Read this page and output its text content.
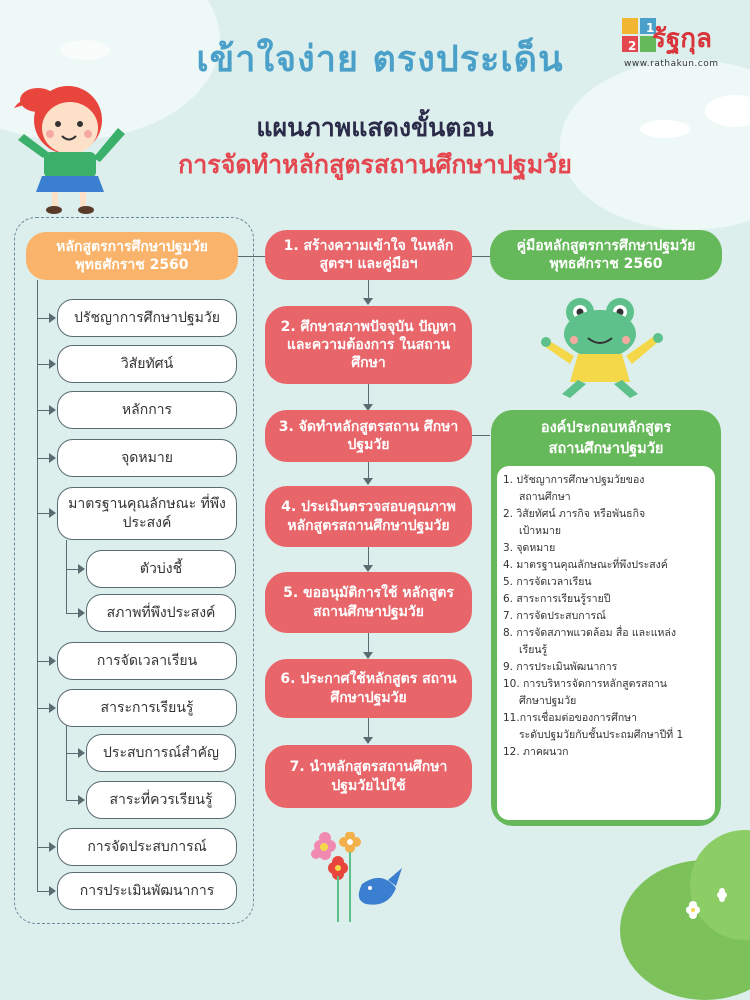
1
2 รัฐกุล
www.rathakun.com
เข้าใจง่าย ตรงประเด็น
แผนภาพแสดงขั้นตอน
การจัดทำหลักสูตรสถานศึกษาปฐมวัย
หลักสูตรการศึกษาปฐมวัย พุทธศักราช 2560
ปรัชญาการศึกษาปฐมวัย
วิสัยทัศน์
หลักการ
จุดหมาย
มาตรฐานคุณลักษณะ ที่พึงประสงค์
ตัวบ่งชี้
สภาพที่พึงประสงค์
การจัดเวลาเรียน
สาระการเรียนรู้
ประสบการณ์สำคัญ
สาระที่ควรเรียนรู้
การจัดประสบการณ์
การประเมินพัฒนาการ
1. สร้างความเข้าใจ ในหลักสูตรฯ และคู่มือฯ
2. ศึกษาสภาพปัจจุบัน ปัญหา และความต้องการ ในสถานศึกษา
3. จัดทำหลักสูตรสถาน ศึกษาปฐมวัย
4. ประเมินตรวจสอบคุณภาพ หลักสูตรสถานศึกษาปฐมวัย
5. ขออนุมัติการใช้ หลักสูตรสถานศึกษาปฐมวัย
6. ประกาศใช้หลักสูตร สถานศึกษาปฐมวัย
7. นำหลักสูตรสถานศึกษา ปฐมวัยไปใช้
คู่มือหลักสูตรการศึกษาปฐมวัย พุทธศักราช 2560
องค์ประกอบหลักสูตร
สถานศึกษาปฐมวัย
1. ปรัชญาการศึกษาปฐมวัยของ
สถานศึกษา
2. วิสัยทัศน์ ภารกิจ หรือพันธกิจ
เป้าหมาย
3. จุดหมาย
4. มาตรฐานคุณลักษณะที่พึงประสงค์
5. การจัดเวลาเรียน
6. สาระการเรียนรู้รายปี
7. การจัดประสบการณ์
8. การจัดสภาพแวดล้อม สื่อ และแหล่ง
เรียนรู้
9. การประเมินพัฒนาการ
10. การบริหารจัดการหลักสูตรสถาน
ศึกษาปฐมวัย
11.การเชื่อมต่อของการศึกษา
ระดับปฐมวัยกับชั้นประถมศึกษาปีที่ 1
12. ภาคผนวก
